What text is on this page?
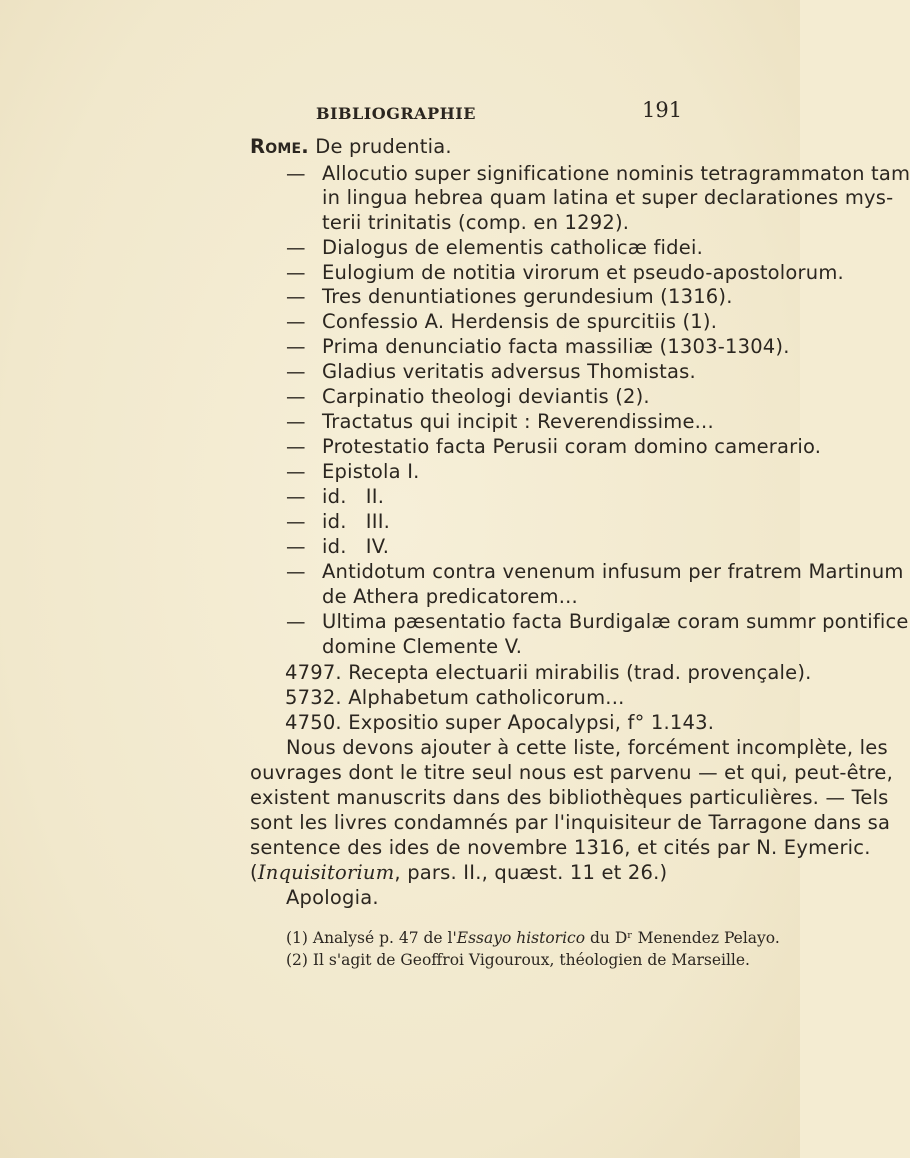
BIBLIOGRAPHIE	191
Rome. De prudentia.
— Allocutio super significatione nominis tetragrammaton tam
in lingua hebrea quam latina et super declarationes mys-
terii trinitatis (comp. en 1292).
— Dialogus de elementis catholicæ fidei.
— Eulogium de notitia virorum et pseudo-apostolorum.
— Tres denuntiationes gerundesium (1316).
— Confessio A. Herdensis de spurcitiis (1).
— Prima denunciatio facta massiliæ (1303-1304).
— Gladius veritatis adversus Thomistas.
— Carpinatio theologi deviantis (2).
— Tractatus qui incipit : Reverendissime...
— Protestatio facta Perusii coram domino camerario.
— Epistola I.
— id.   II.
— id.   III.
— id.   IV.
— Antidotum contra venenum infusum per fratrem Martinum
de Athera predicatorem...
— Ultima pæsentatio facta Burdigalæ coram summr pontifice
domine Clemente V.
4797. Recepta electuarii mirabilis (trad. provençale).
5732. Alphabetum catholicorum...
4750. Expositio super Apocalypsi, f° 1.143.
Nous devons ajouter à cette liste, forcément incomplète, les
ouvrages dont le titre seul nous est parvenu — et qui, peut-être,
existent manuscrits dans des bibliothèques particulières. — Tels
sont les livres condamnés par l'inquisiteur de Tarragone dans sa
sentence des ides de novembre 1316, et cités par N. Eymeric.
(Inquisitorium, pars. II., quæst. 11 et 26.)
Apologia.
(1) Analysé p. 47 de l'Essayo historico du Dʳ Menendez Pelayo.
(2) Il s'agit de Geoffroi Vigouroux, théologien de Marseille.
